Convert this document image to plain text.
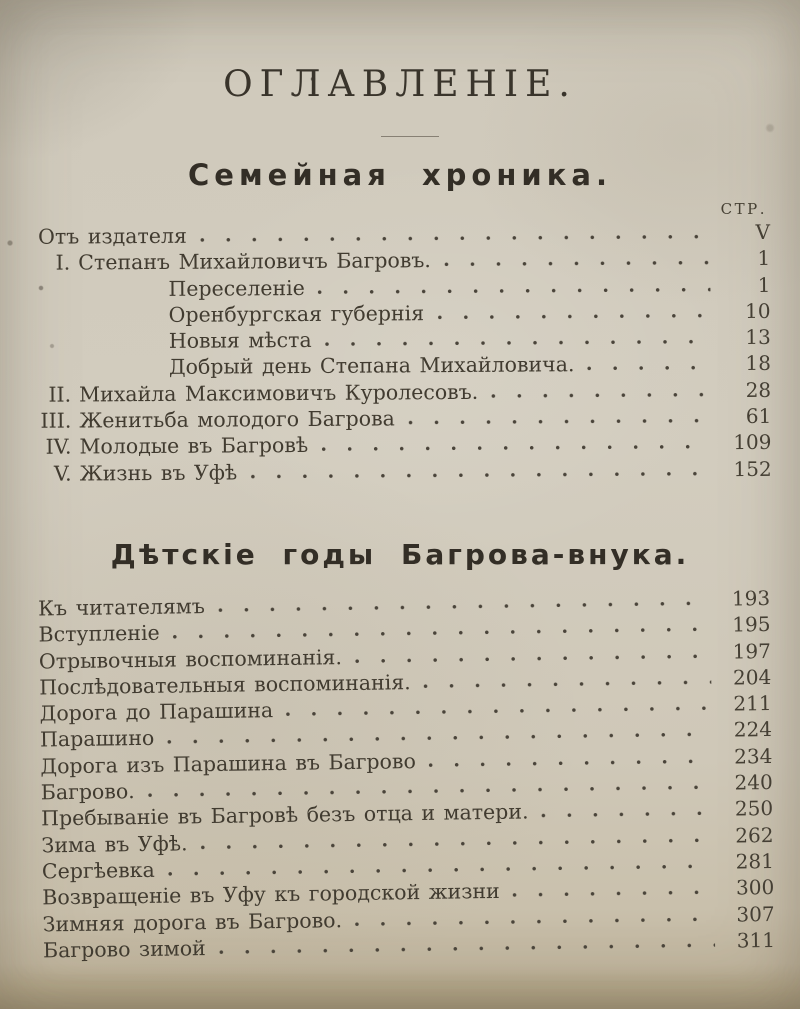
ОГЛАВЛЕНІЕ.
Семейная хроника.
СТР.
Отъ издателя	V
I. Степанъ Михайловичъ Багровъ.	1
Переселеніе	1
Оренбургская губернія	10
Новыя мѣста	13
Добрый день Степана Михайловича.	18
II. Михайла Максимовичъ Куролесовъ.	28
III. Женитьба молодого Багрова	61
IV. Молодые въ Багровѣ	109
V. Жизнь въ Уфѣ	152
Дѣтскіе годы Багрова-внука.
Къ читателямъ	193
Вступленіе	195
Отрывочныя воспоминанія.	197
Послѣдовательныя воспоминанія.	204
Дорога до Парашина	211
Парашино	224
Дорога изъ Парашина въ Багрово	234
Багрово.	240
Пребываніе въ Багровѣ безъ отца и матери.	250
Зима въ Уфѣ.	262
Сергѣевка	281
Возвращеніе въ Уфу къ городской жизни	300
Зимняя дорога въ Багрово.	307
Багрово зимой	311
